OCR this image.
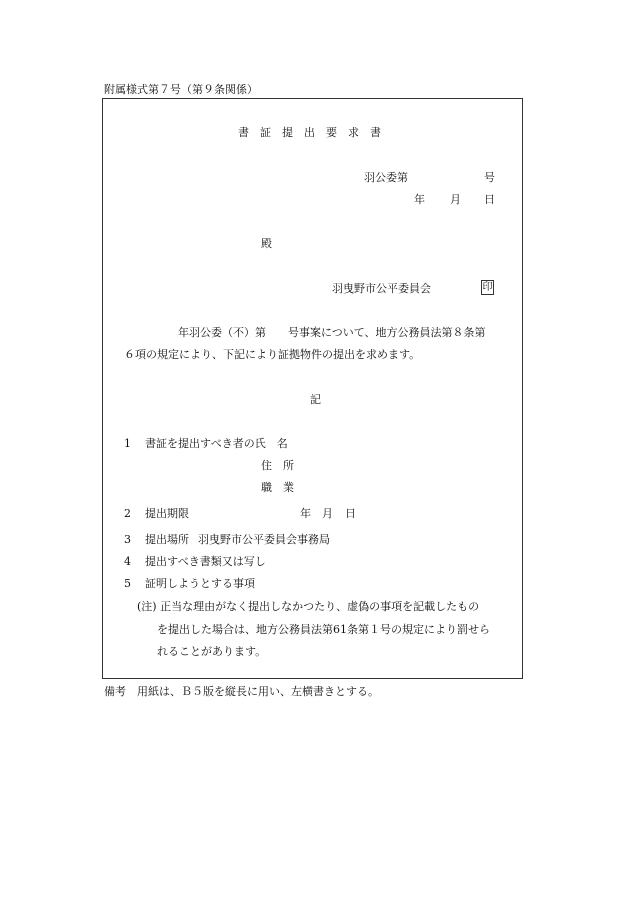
附属様式第７号（第９条関係）
書証提出要求書
羽公委第	号
年 月 日
殿
羽曳野市公平委員会	印
年羽公委（不）第　　号事案について、地方公務員法第８条第
６項の規定により、下記により証拠物件の提出を求めます。
記
1	書証を提出すべき者の氏　名
住　所
職　業
2	提出期限	年 月 日
3	提出場所 羽曳野市公平委員会事務局
4	提出すべき書類又は写し
5	証明しようとする事項
(注) 正当な理由がなく提出しなかつたり、虚偽の事項を記載したもの
を提出した場合は、地方公務員法第61条第１号の規定により罰せら
れることがあります。
備考　用紙は、Ｂ５版を縦長に用い、左横書きとする。
